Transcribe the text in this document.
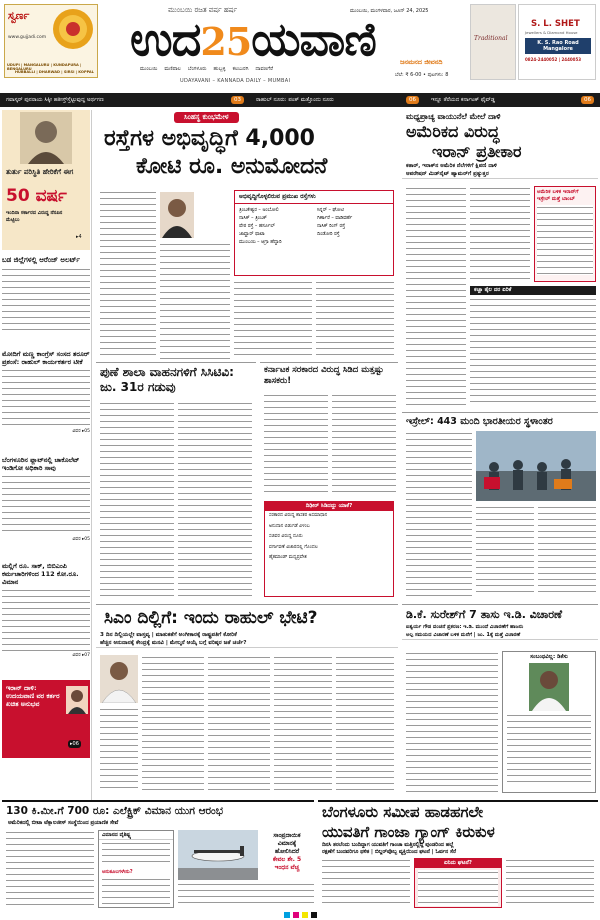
ಸ್ವರ್ಣ
www.gujjadi.com
UDUPI | MANGALURU | KUNDAPURA | BENGALURU
HUBBALLI | DHARWAD | SIRSI | KOPPAL
ಮುಂಬಯಿ ರಜತ ವರ್ಷ ಹರ್ಷ
ಉದ25ಯವಾಣಿ
ಮುಂಬಯಿ ಮಣಿಪಾಲ ಬೆಂಗಳೂರು ಹುಬ್ಬಳ್ಳಿ ಕಲಬುರಗಿ ದಾವಣಗೆರೆ
UDAYAVANI – KANNADA DAILY – MUMBAI
ಮುಂಬಯಿ, ಮಂಗಳವಾರ, ಜೂನ್ 24, 2025
ಜನಮನದ ಜೀವನದಿ
ಬೆಲೆ: ₹ 6-00 • ಪುಟಗಳು: 8
Traditional
S. L. SHET
Jewellers & Diamond House
K. S. Rao Road Mangalore
0824-2440052 | 2440053
ಗವಾಸ್ಕರ್ ಪುನರಾಯ ಸಿಕ್ಕೀ ಹತೀಸ್ತ್‌ಸ್ತೆಟ್ಟುವುದ್ದ ಅರ್ಥಗಣ	03	ರಾಹುಲ್ ನೂರು: ಪಂತ್ ಮತ್ತೊಂದು ನೂರು	06	ಇನ್ನೂ ತೆರೆಯದ ಕರ್ನಾಟಕ್ ಫೈವ್‌ಡ್ಡ	06
ತುರ್ತು ಪರಿಸ್ಥಿತಿ ಹೇರಿಕೆಗೆ ಈಗ
50 ವರ್ಷ
ಇಂದಿರಾ ಸರ್ಕಾರದ ವಿರುದ್ಧ ನೆನಪಿನ ಮೆಟ್ಟಿಲು
▸4
ಬಡ ಜಿಲ್ಲೆಗಳಲ್ಲಿ ಆರೆಂಜ್ ಅಲರ್ಟ್
ಮೋದಿಗೆ ಮಣ್ಣ ಕಾಂಗ್ರೆಸ್ ಸಂಸದ ತರೂರ್ ಪ್ರಶಂಸೆ: ರಾಹುಲ್ ಕಾರ್ಯಕರ್ತರ ಟೀಕೆ
ವಿವರ ▸05
ಬೆಂಗಳೂರಿನ ಫ್ಲಾಟ್‌ನಲ್ಲಿ ಚಾಕೊಲೆಟ್ ಇಂಡಿಗೋ ಅಧಿಕಾರಿ ಸಾವು
ವಿವರ ▸05
ಮಲ್ಲಿಗೆ ರೂ. ಸಾಕ್, ಬಿಬಿಎಂಪಿ ಕರ್ಮಚಾರಿಗಳಿಂದ 112 ಕೋ.ರೂ. ವಿಮಾನ
ವಿವರ ▸07
ಇರಾನ್ ದಾಳಿ: ಉದಯವಾಣಿ ವರ ಕರ್ತರ ಖಚಿತ ಅನುಭವ
▸06
ಸಿಂಹಸ್ಥ ಕುಂಭಮೇಳ
ರಸ್ತೆಗಳ ಅಭಿವೃದ್ಧಿಗೆ 4,000
ಕೋಟಿ ರೂ. ಅನುಮೋದನೆ
ಅಭಿವೃದ್ಧಿಗೊಳ್ಳಲಿರುವ ಪ್ರಮುಖ ರಸ್ತೆಗಳು
ತ್ರಿಂಬಕೇಶ್ವರ – ಅಂಬೋಲಿ	ಸಿನ್ನರ್ – ಘೋಟಿ
ನಾಸಿಕ್ – ತ್ರಿಂಬಕ್	ಗಿರ್ಣಾರೆ – ವಾಡಿವರ್ಹೆ
ಪೇಠ ರಸ್ತೆ – ಹರ್ಸೂಲ್	ನಾಸಿಕ್ ರಿಂಗ್ ರಸ್ತೆ
ಜಾವ್ಹಾರ್ ಫಾಟಾ	ದಿಂಡೋರಿ ರಸ್ತೆ
ಮುಂಬಯಿ – ಆಗ್ರಾ ಹೆದ್ದಾರಿ
ಪುಣೆ ಶಾಲಾ ವಾಹನಗಳಿಗೆ ಸಿಸಿಟಿವಿ: ಜು. 31ರ ಗಡುವು
ಕರ್ನಾಟಕ ಸರಕಾರದ ವಿರುದ್ಧ ಸಿಡಿದ ಮತ್ತಷ್ಟು ಶಾಸಕರು!
ದಿಢೀರ್ ಸಿಡಿದದ್ದು ಯಾಕೆ?
ಸರಕಾರದ ವಿರುದ್ಧ ಶಾಸಕರ ಅಸಮಾಧಾನ
ಅನುದಾನ ಬಿಡುಗಡೆ ವಿಳಂಬ
ಸಚಿವರ ವಿರುದ್ಧ ದೂರು
ವರ್ಗಾವಣೆ ವಿಚಾರದಲ್ಲಿ ಗೊಂದಲ
ಹೈಕಮಾಂಡ್ ಮಧ್ಯಪ್ರವೇಶ
ಸಿಎಂ ದಿಲ್ಲಿಗೆ: ಇಂದು ರಾಹುಲ್ ಭೇಟಿ?
3 ದಿನ ದಿಲ್ಲಿಯಲ್ಲೇ ವಾಸ್ತವ್ಯ | ಮಾತುಕತೆಗೆ ಅಂಗೀಕಾರಕ್ಕೆ ರಾಷ್ಟ್ರಪತಿಗೆ ಕೋರಿಕೆ
ಹೆಚ್ಚಿನ ಅನುದಾನಕ್ಕೆ ಕೇಂದ್ರಕ್ಕೆ ಮನವಿ | ಮೇಲ್ಮನೆ ಆಯ್ಕೆ ಬಗ್ಗೆ ವರಿಷ್ಠರ ಜತೆ ಚರ್ಚೆ?
ಮಧ್ಯಪ್ರಾಚ್ಯ ವಾಯುನೆಲೆ ಮೇಲೆ ದಾಳಿ
ಅಮೆರಿಕದ ವಿರುದ್ಧ
ಇರಾನ್ ಪ್ರತೀಕಾರ
ಕತಾರ್, ಇರಾಕ್‌ನ ಅಮೆರಿಕ ನೆಲೆಗಳಿಗೆ ಕ್ಷಿಪಣಿ ದಾಳಿ
ಆಪರೇಷನ್ ಮಿಡ್‌ನೈಟ್ ಹ್ಯಾಮರ್‌ಗೆ ಪ್ರತ್ಯುತ್ತರ
ಅಮೆರಿಕ ಬಳಿಕ ಇರಾನ್‌ಗೆ ಇಸ್ರೇಲ್ ಮತ್ತೆ ಬಾಂಬ್
ಕಚ್ಚಾ ತೈಲ ದರ ಏರಿಕೆ
ಇಸ್ರೇಲ್: 443 ಮಂದಿ ಭಾರತೀಯರ ಸ್ಥಳಾಂತರ
ಡಿ.ಕೆ. ಸುರೇಶ್‌ಗೆ 7 ತಾಸು ಇ.ಡಿ. ವಿಚಾರಣೆ
ಐಶ್ವರ್ಯ ಗೌಡ ವಂಚನೆ ಪ್ರಕರಣ: ಇ.ಡಿ. ಮುಂದೆ ವಿಚಾರಣೆಗೆ ಹಾಜರು
ಅಲ್ಪ ಸಮಯದ ವಿಚಾರಣೆ ಬಳಿಕ ಮನೆಗೆ | ಜು. 1ಕ್ಕೆ ಮತ್ತೆ ವಿಚಾರಣೆ
ಸಂಬಂಧವಿಲ್ಲ: ಡಿಕೆಸು
130 ಕಿ.ಮೀ.ಗೆ 700 ರೂ: ಎಲೆಕ್ಟ್ರಿಕ್ ವಿಮಾನ ಯುಗ ಆರಂಭ
ಅಮೆರಿಕದಲ್ಲಿ ಬೀಟಾ ಟೆಕ್ನಾಲಜೀಸ್ ಸಂಸ್ಥೆಯಿಂದ ಪ್ರಯಾಣಿಕ ಸೇವೆ
ವಿಮಾನದ ವೈಶಿಷ್ಟ್ಯ
ಅನುಕೂಲಗಳೇನು?
ಸಾಂಪ್ರದಾಯಿಕ
ವಿಮಾನಕ್ಕೆ
ಹೋಲಿಸಿದರೆ
ಕೇವಲ ಶೇ. 5
ಇಂಧನ ವೆಚ್ಚ
ಬೆಂಗಳೂರು ಸಮೀಪ ಹಾಡಹಗಲೇ
ಯುವತಿಗೆ ಗಾಂಜಾ ಗ್ಯಾಂಗ್ ಕಿರುಕುಳ
ದಿನಸಿ ತರಲೆಂದು ಬಂದಿದ್ದಾಗ ಯುವತಿಗೆ ಗಾಂಜಾ ಮತ್ತಿನಲ್ಲಿದ್ದ ಪುಂಡರಿಂದ ಹಲ್ಲೆ
ರಕ್ಷಣೆಗೆ ಬಂದವರಿಗೂ ಥಳಿತ | ಬಿಲ್ಡರ್‌ವೊಬ್ಬ ವ್ಯಕ್ತಿಯಿಂದ ಘಟನೆ | ಓರ್ವನ ಸೆರೆ
ಏನಿದು ಘಟನೆ?
